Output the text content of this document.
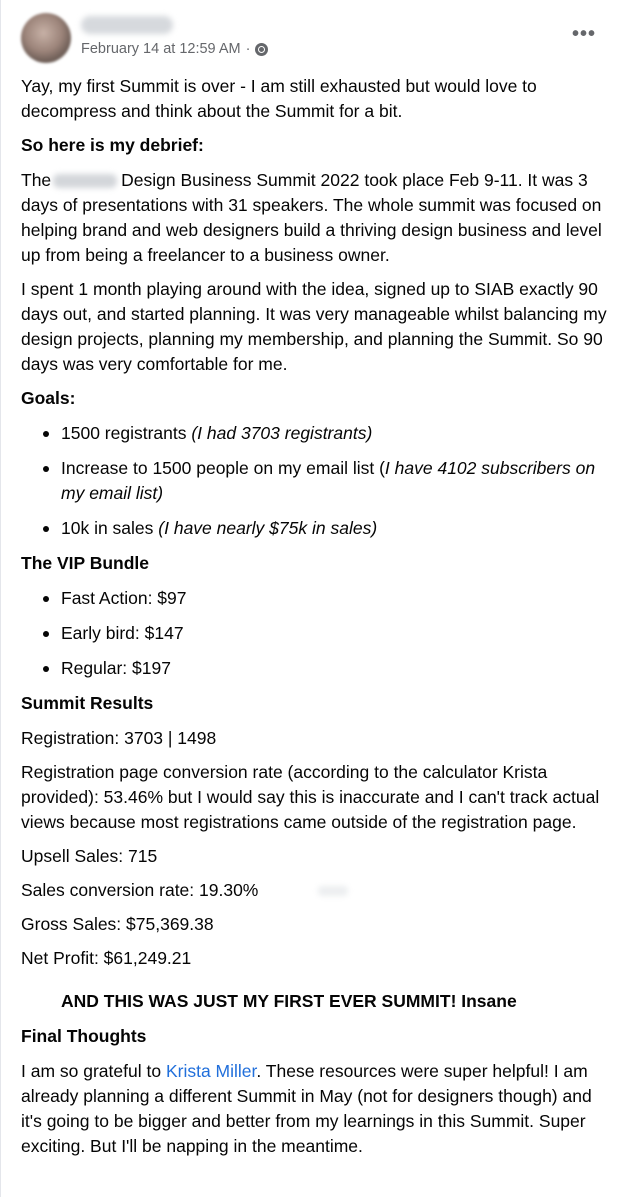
February 14 at 12:59 AM ·
•••

Yay, my first Summit is over - I am still exhausted but would love to decompress and think about the Summit for a bit.

So here is my debrief:

The	Design Business Summit 2022 took place Feb 9-11. It was 3 days of presentations with 31 speakers. The whole summit was focused on helping brand and web designers build a thriving design business and level up from being a freelancer to a business owner.

I spent 1 month playing around with the idea, signed up to SIAB exactly 90 days out, and started planning. It was very manageable whilst balancing my design projects, planning my membership, and planning the Summit. So 90 days was very comfortable for me.

Goals:

1500 registrants (I had 3703 registrants)
Increase to 1500 people on my email list (I have 4102 subscribers on my email list)
10k in sales (I have nearly $75k in sales)

The VIP Bundle

Fast Action: $97
Early bird: $147
Regular: $197

Summit Results

Registration: 3703 | 1498

Registration page conversion rate (according to the calculator Krista provided): 53.46% but I would say this is inaccurate and I can't track actual views because most registrations came outside of the registration page.

Upsell Sales: 715

Sales conversion rate: 19.30%

Gross Sales: $75,369.38

Net Profit: $61,249.21

AND THIS WAS JUST MY FIRST EVER SUMMIT! Insane

Final Thoughts

I am so grateful to Krista Miller. These resources were super helpful! I am already planning a different Summit in May (not for designers though) and it's going to be bigger and better from my learnings in this Summit. Super exciting. But I'll be napping in the meantime.
